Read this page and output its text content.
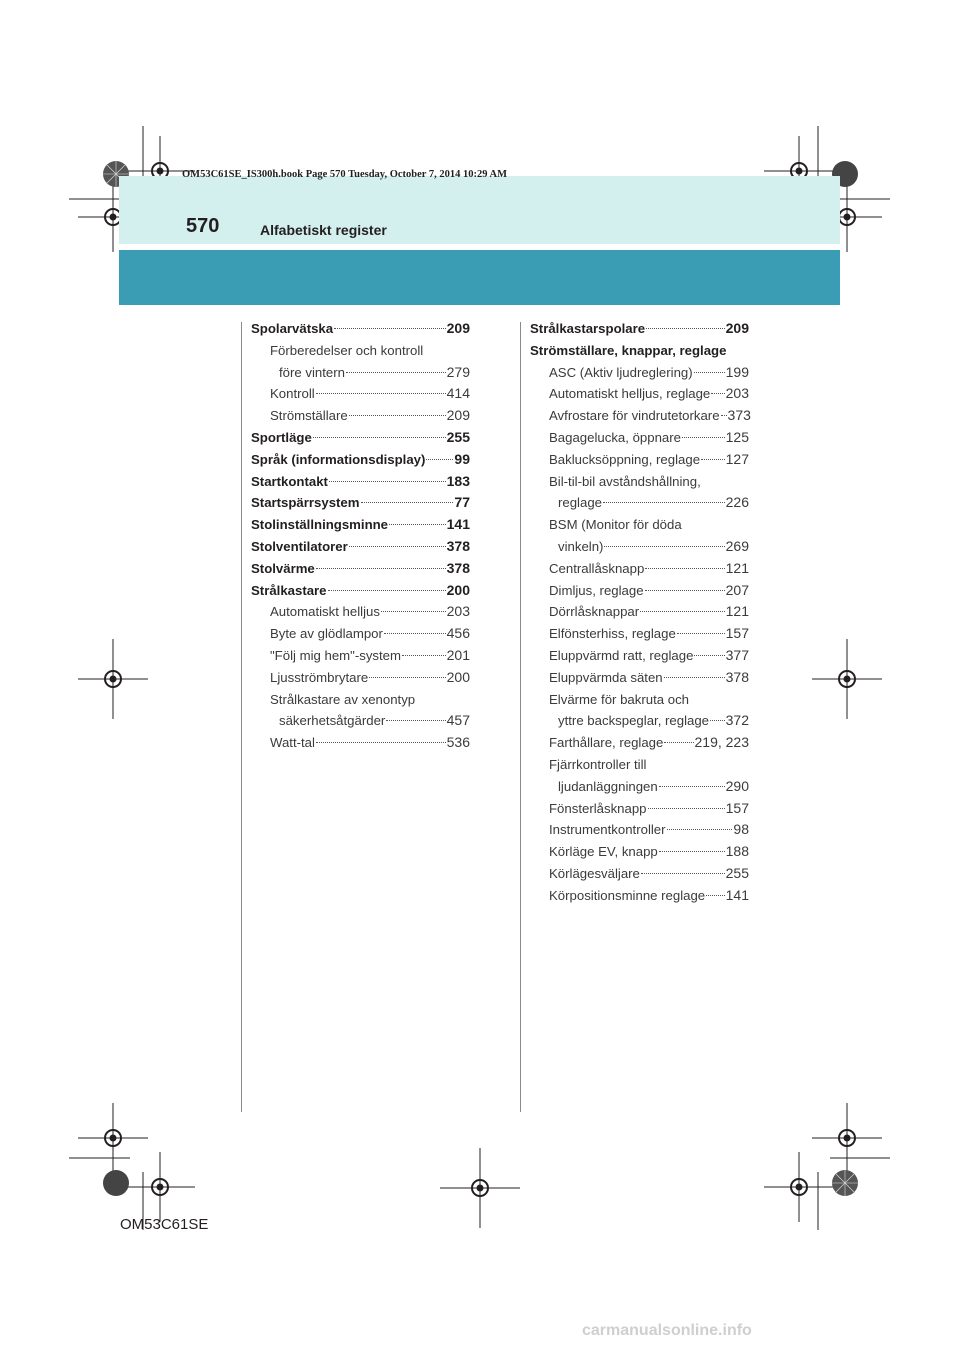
OM53C61SE_IS300h.book Page 570 Tuesday, October 7, 2014 10:29 AM
570	Alfabetiskt register
Spolarvätska	209
Förberedelser och kontroll
före vintern	279
Kontroll	414
Strömställare	209
Sportläge	255
Språk (informationsdisplay) 99
Startkontakt	183
Startspärrsystem	77
Stolinställningsminne	141
Stolventilatorer	378
Stolvärme	378
Strålkastare	200
Automatiskt helljus	203
Byte av glödlampor	456
"Följ mig hem"-system	201
Ljusströmbrytare	200
Strålkastare av xenontyp
säkerhetsåtgärder	457
Watt-tal	536
Strålkastarspolare	209
Strömställare, knappar, reglage
ASC (Aktiv ljudreglering) 199
Automatiskt helljus, reglage 203
Avfrostare för vindrutetorkare 373
Bagagelucka, öppnare	125
Baklucksöppning, reglage 127
Bil-til-bil avståndshållning,
reglage	226
BSM (Monitor för döda
vinkeln)	269
Centrallåsknapp	121
Dimljus, reglage	207
Dörrlåsknappar	121
Elfönsterhiss, reglage	157
Eluppvärmd ratt, reglage 377
Eluppvärmda säten	378
Elvärme för bakruta och
yttre backspeglar, reglage 372
Farthållare, reglage 219, 223
Fjärrkontroller till
ljudanläggningen	290
Fönsterlåsknapp	157
Instrumentkontroller	98
Körläge EV, knapp	188
Körlägesväljare	255
Körpositionsminne reglage 141
OM53C61SE
carmanualsonline.info
